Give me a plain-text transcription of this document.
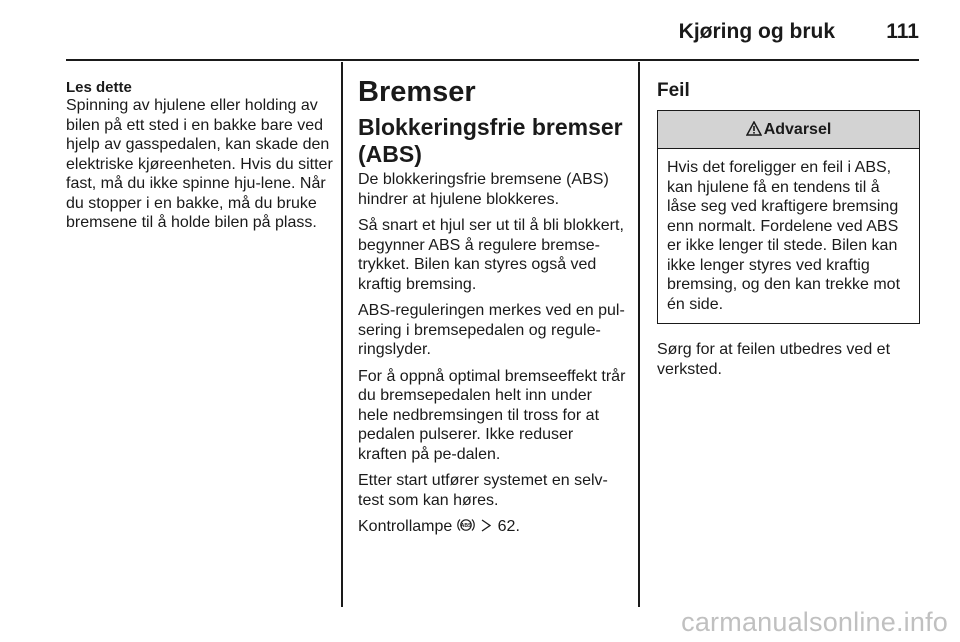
Kjøring og bruk 111
Les dette
Spinning av hjulene eller holding av bilen på ett sted i en bakke bare ved hjelp av gasspedalen, kan skade den elektriske kjøreenheten. Hvis du sitter fast, må du ikke spinne hju-lene. Når du stopper i en bakke, må du bruke bremsene til å holde bilen på plass.
Bremser
Blokkeringsfrie bremser (ABS)

De blokkeringsfrie bremsene (ABS) hindrer at hjulene blokkeres.

Så snart et hjul ser ut til å bli blokkert, begynner ABS å regulere bremse-trykket. Bilen kan styres også ved kraftig bremsing.

ABS-reguleringen merkes ved en pul-sering i bremsepedalen og regule-ringslyder.

For å oppnå optimal bremseeffekt trår du bremsepedalen helt inn under hele nedbremsingen til tross for at pedalen pulserer. Ikke reduser kraften på pe-dalen.

Etter start utfører systemet en selv-test som kan høres.

Kontrollampe ABS 62.

Feil
Advarsel
Hvis det foreligger en feil i ABS, kan hjulene få en tendens til å låse seg ved kraftigere bremsing enn normalt. Fordelene ved ABS er ikke lenger til stede. Bilen kan ikke lenger styres ved kraftig bremsing, og den kan trekke mot én side.

Sørg for at feilen utbedres ved et verksted.

carmanualsonline.info
